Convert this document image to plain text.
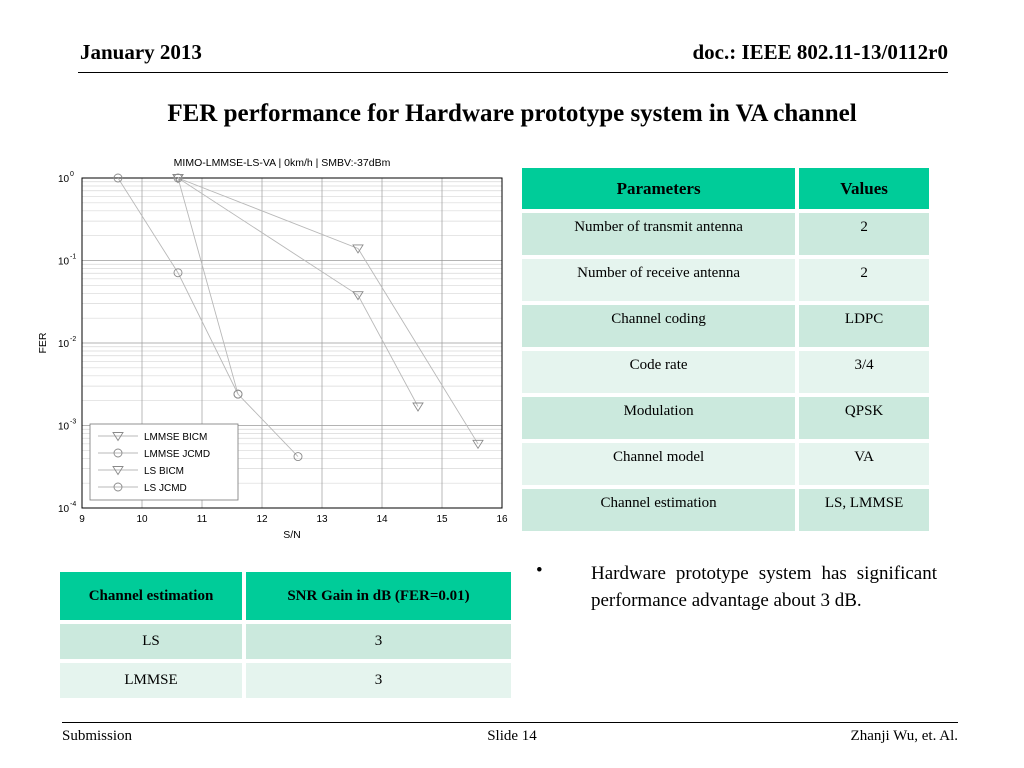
January 2013	doc.: IEEE 802.11-13/0112r0
FER performance for Hardware prototype system in VA channel
9	10	11	12	13	14	15	16
10 0
10 -1
10 -2
10 -3
10 -4
MIMO-LMMSE-LS-VA | 0km/h | SMBV:-37dBm
S/N
FER
LMMSE BICM
LMMSE JCMD
LS BICM
LS JCMD
Parameters	Values
Number of transmit antenna	2
Number of receive antenna	2
Channel coding	LDPC
Code rate	3/4
Modulation	QPSK
Channel model	VA
Channel estimation	LS, LMMSE
Channel estimation	SNR Gain in dB (FER=0.01)
LS	3
LMMSE	3
•	Hardware prototype system has significant performance advantage about 3 dB.
Submission	Slide 14	Zhanji Wu, et. Al.
